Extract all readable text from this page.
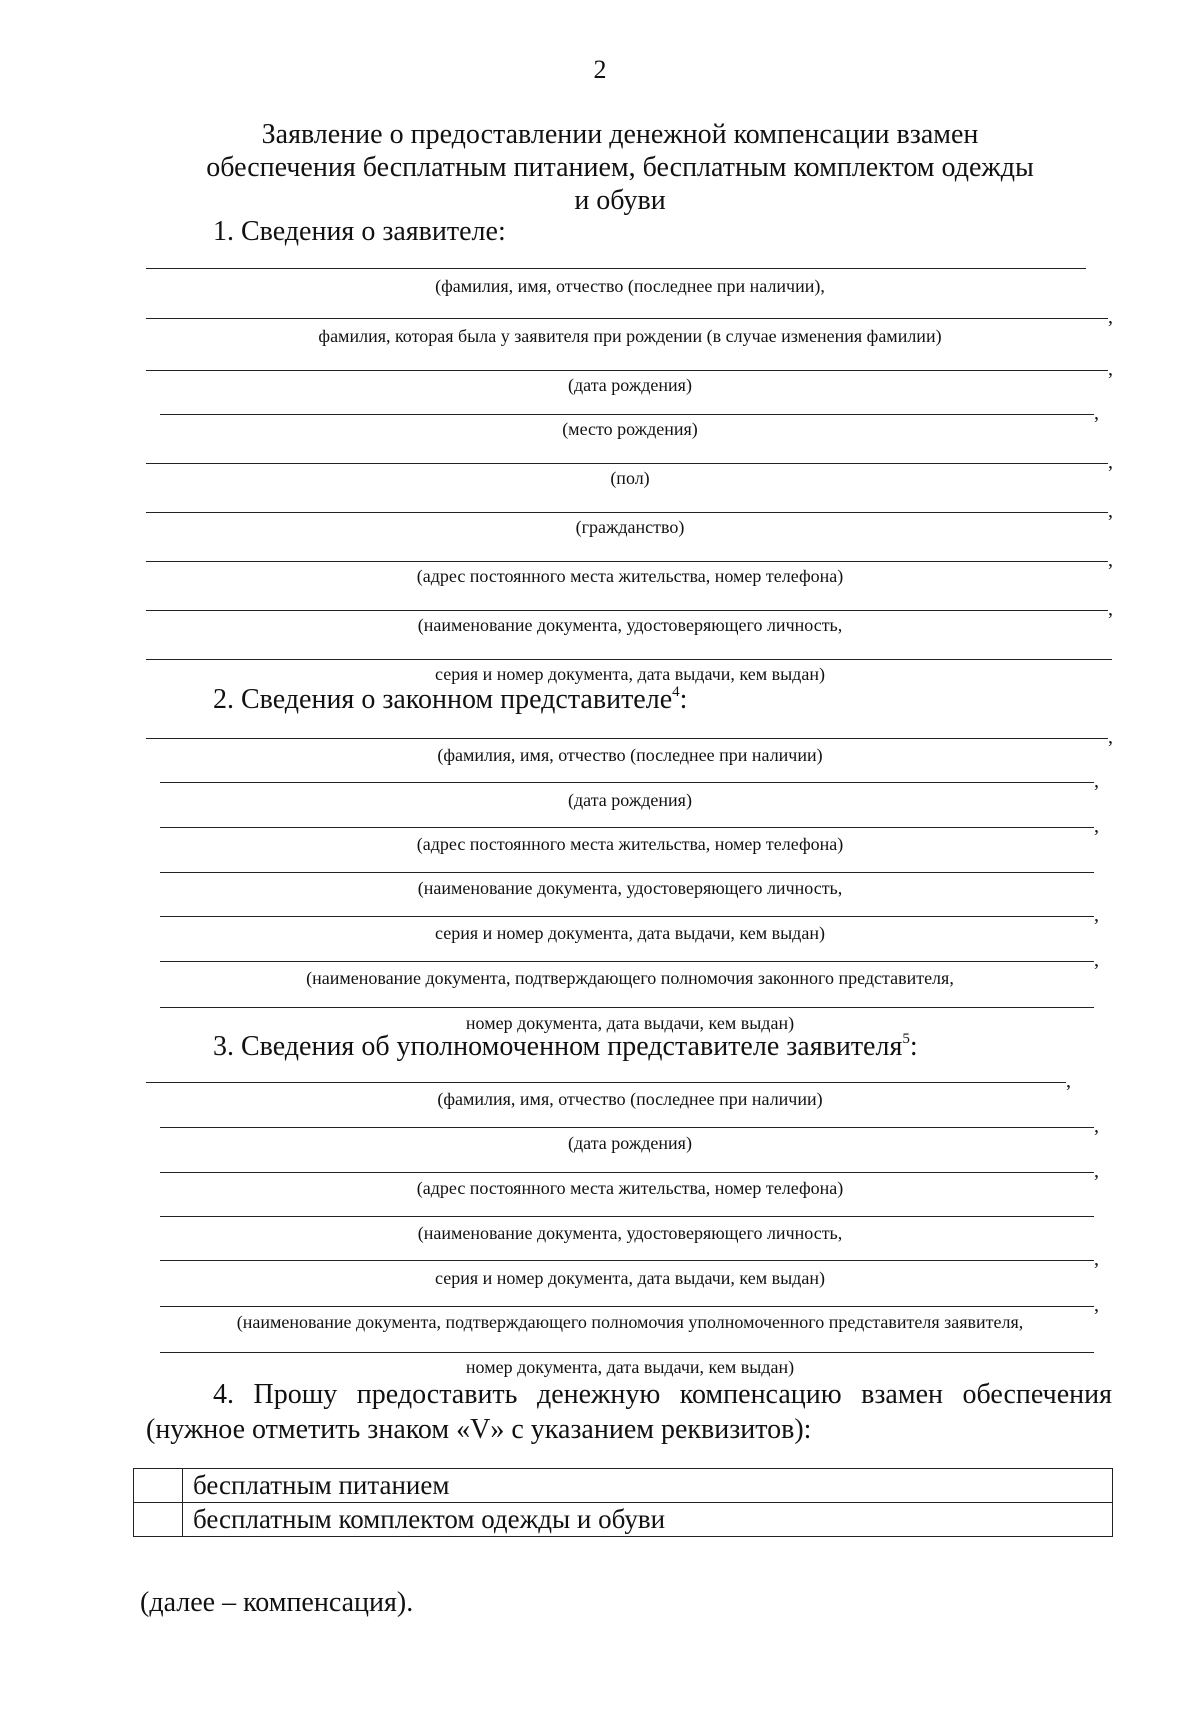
2
Заявление о предоставлении денежной компенсации взамен обеспечения бесплатным питанием, бесплатным комплектом одежды и обуви
1. Сведения о заявителе:
(фамилия, имя, отчество (последнее при наличии),
,
фамилия, которая была у заявителя при рождении (в случае изменения фамилии)
,
(дата рождения)
,
(место рождения)
,
(пол)
,
(гражданство)
,
(адрес постоянного места жительства, номер телефона)
,
(наименование документа, удостоверяющего личность,
серия и номер документа, дата выдачи, кем выдан)
2. Сведения о законном представителе$^4$:
,
(фамилия, имя, отчество (последнее при наличии)
,
(дата рождения)
,
(адрес постоянного места жительства, номер телефона)
(наименование документа, удостоверяющего личность,
,
серия и номер документа, дата выдачи, кем выдан)
,
(наименование документа, подтверждающего полномочия законного представителя,
номер документа, дата выдачи, кем выдан)
3. Сведения об уполномоченном представителе заявителя$^5$:
,
(фамилия, имя, отчество (последнее при наличии)
,
(дата рождения)
,
(адрес постоянного места жительства, номер телефона)
(наименование документа, удостоверяющего личность,
,
серия и номер документа, дата выдачи, кем выдан)
,
(наименование документа, подтверждающего полномочия уполномоченного представителя заявителя,
номер документа, дата выдачи, кем выдан)
4. Прошу предоставить денежную компенсацию взамен обеспечения (нужное отметить знаком «V» с указанием реквизитов):
	бесплатным питанием
	бесплатным комплектом одежды и обуви
(далее – компенсация).
